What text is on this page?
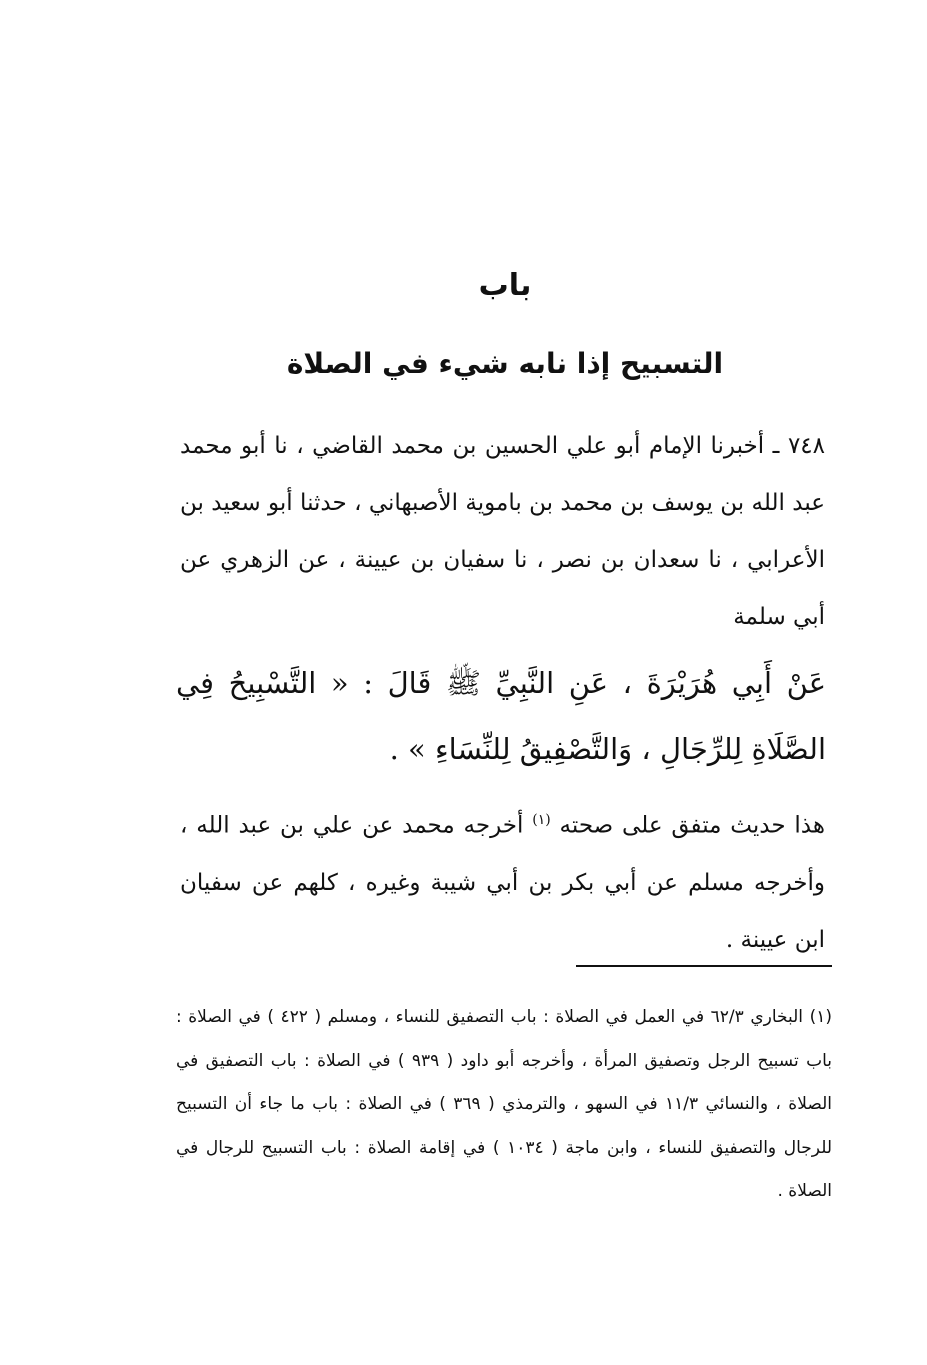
باب
التسبيح إذا نابه شيء في الصلاة

٧٤٨ ـ أخبرنا الإمام أبو علي الحسين بن محمد القاضي ، نا أبو محمد عبد الله بن يوسف بن محمد بن باموية الأصبهاني ، حدثنا أبو سعيد بن الأعرابي ، نا سعدان بن نصر ، نا سفيان بن عيينة ، عن الزهري عن أبي سلمة

عَنْ أَبِي هُرَيْرَةَ ، عَنِ النَّبِيِّ ﷺ قَالَ : « التَّسْبِيحُ فِي الصَّلَاةِ لِلرِّجَالِ ، وَالتَّصْفِيقُ لِلنِّسَاءِ » .

هذا حديث متفق على صحته $^{(١)}$ أخرجه محمد عن علي بن عبد الله ، وأخرجه مسلم عن أبي بكر بن أبي شيبة وغيره ، كلهم عن سفيان ابن عيينة .

(١) البخاري ٦٢/٣ في العمل في الصلاة : باب التصفيق للنساء ، ومسلم ( ٤٢٢ ) في الصلاة : باب تسبيح الرجل وتصفيق المرأة ، وأخرجه أبو داود ( ٩٣٩ ) في الصلاة : باب التصفيق في الصلاة ، والنسائي ١١/٣ في السهو ، والترمذي ( ٣٦٩ ) في الصلاة : باب ما جاء أن التسبيح للرجال والتصفيق للنساء ، وابن ماجة ( ١٠٣٤ ) في إقامة الصلاة : باب التسبيح للرجال في الصلاة .
